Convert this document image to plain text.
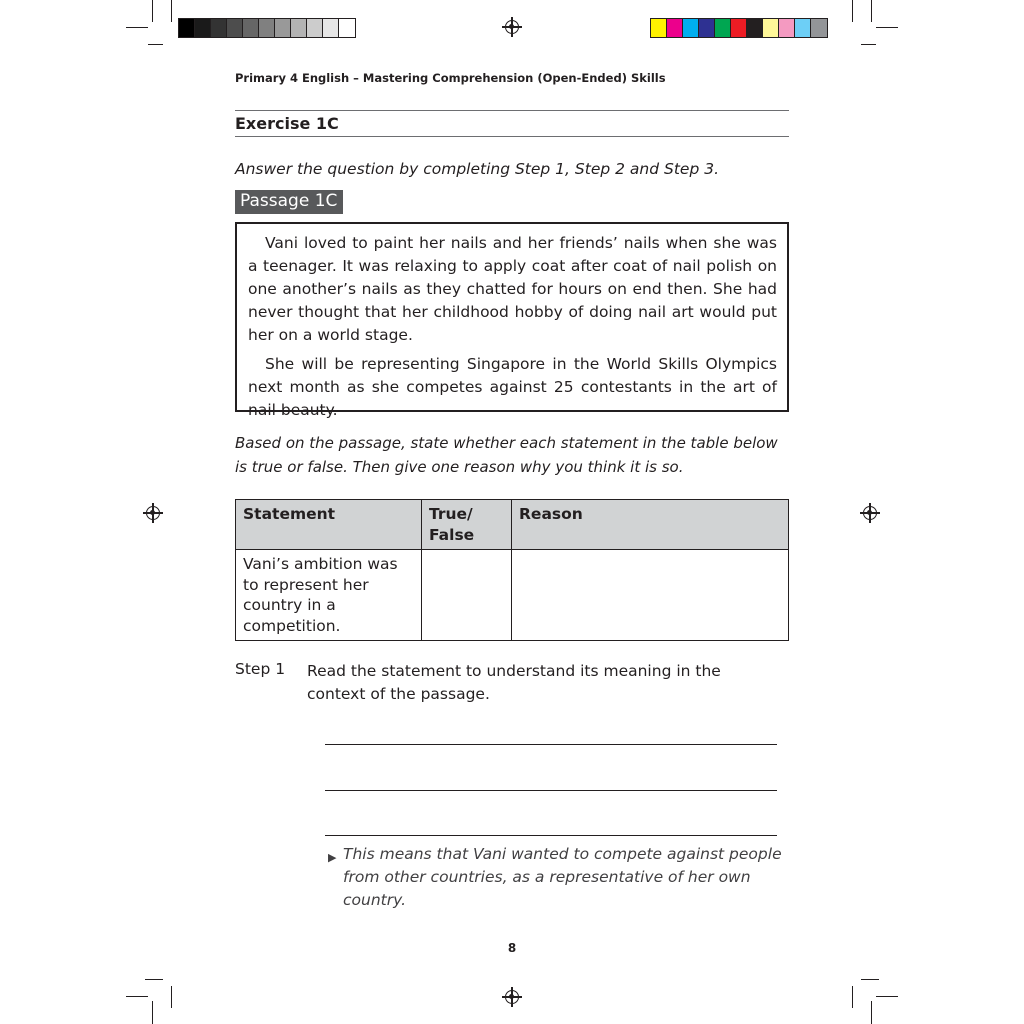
Primary 4 English – Mastering Comprehension (Open-Ended) Skills
Exercise 1C
Answer the question by completing Step 1, Step 2 and Step 3.
Passage 1C

Vani loved to paint her nails and her friends’ nails when she was a teenager. It was relaxing to apply coat after coat of nail polish on one another’s nails as they chatted for hours on end then. She had never thought that her childhood hobby of doing nail art would put her on a world stage.

She will be representing Singapore in the World Skills Olympics next month as she competes against 25 contestants in the art of nail beauty.

Based on the passage, state whether each statement in the table below is true or false. Then give one reason why you think it is so.
Statement	True/ False	Reason
Vani’s ambition was to represent her country in a competition.		
Step 1 Read the statement to understand its meaning in the context of the passage.
▶ This means that Vani wanted to compete against people from other countries, as a representative of her own country.
8
